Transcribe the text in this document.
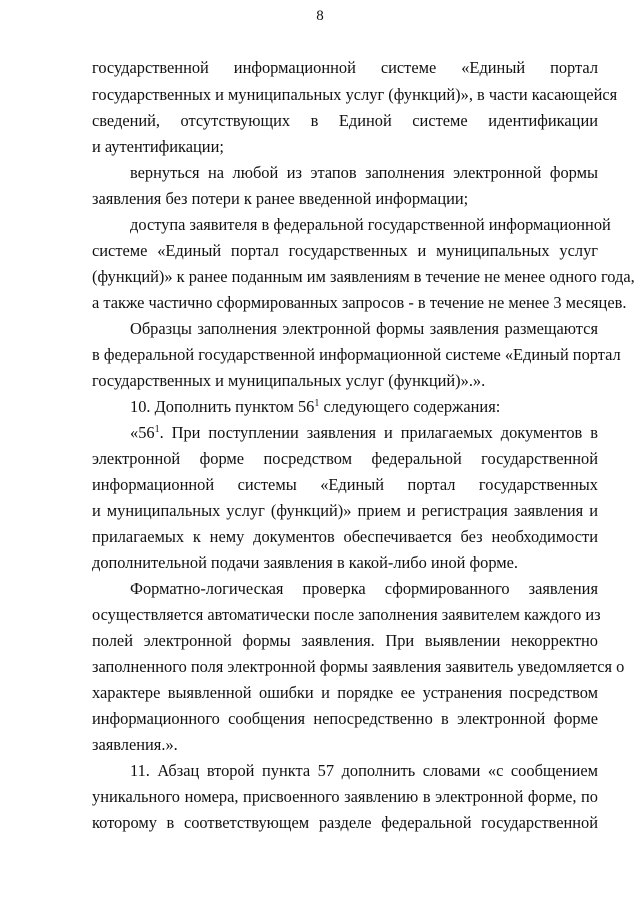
8
государственной информационной системе «Единый портал
государственных и муниципальных услуг (функций)», в части касающейся
сведений, отсутствующих в Единой системе идентификации
и аутентификации;
вернуться на любой из этапов заполнения электронной формы
заявления без потери к ранее введенной информации;
доступа заявителя в федеральной государственной информационной
системе «Единый портал государственных и муниципальных услуг
(функций)» к ранее поданным им заявлениям в течение не менее одного года,
а также частично сформированных запросов - в течение не менее 3 месяцев.
Образцы заполнения электронной формы заявления размещаются
в федеральной государственной информационной системе «Единый портал
государственных и муниципальных услуг (функций)».».
10. Дополнить пунктом $56^1$ следующего содержания:
«$56^1$. При поступлении заявления и прилагаемых документов в
электронной форме посредством федеральной государственной
информационной системы «Единый портал государственных
и муниципальных услуг (функций)» прием и регистрация заявления и
прилагаемых к нему документов обеспечивается без необходимости
дополнительной подачи заявления в какой-либо иной форме.
Форматно-логическая проверка сформированного заявления
осуществляется автоматически после заполнения заявителем каждого из
полей электронной формы заявления. При выявлении некорректно
заполненного поля электронной формы заявления заявитель уведомляется о
характере выявленной ошибки и порядке ее устранения посредством
информационного сообщения непосредственно в электронной форме
заявления.».
11. Абзац второй пункта 57 дополнить словами «с сообщением
уникального номера, присвоенного заявлению в электронной форме, по
которому в соответствующем разделе федеральной государственной
